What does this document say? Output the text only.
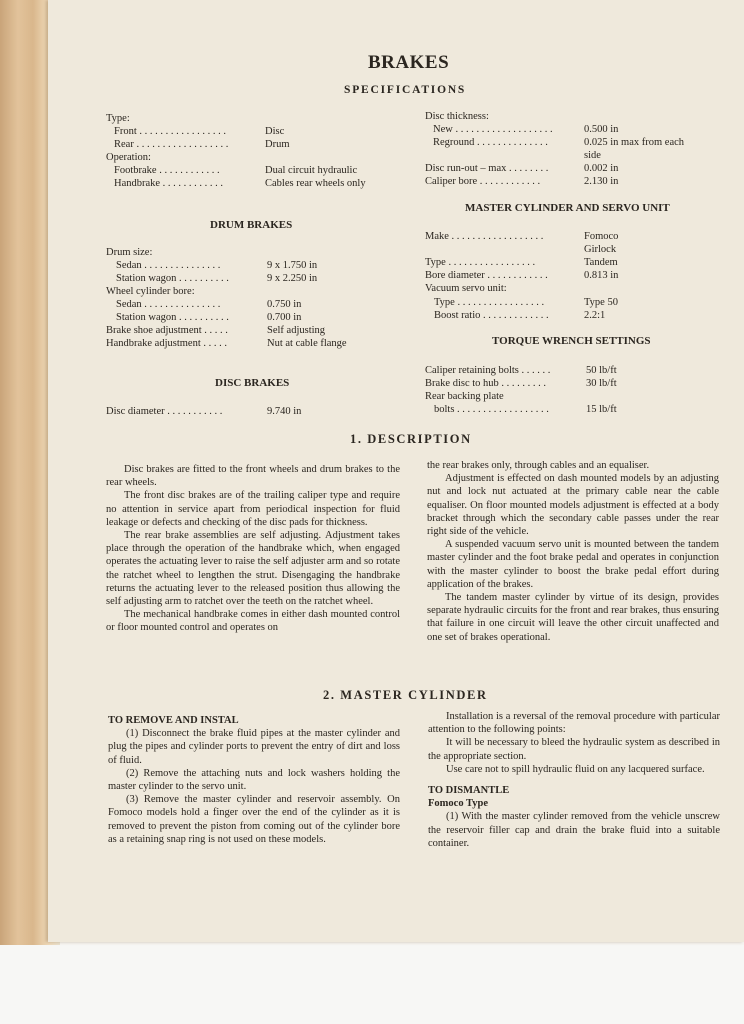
BRAKES
SPECIFICATIONS
Type:
Front . . . . . . . . . . . . . . . . .	Disc
Rear . . . . . . . . . . . . . . . . . .	Drum
Operation:
Footbrake . . . . . . . . . . . .	Dual circuit hydraulic
Handbrake . . . . . . . . . . . .	Cables rear wheels only
DRUM BRAKES
Drum size:
Sedan . . . . . . . . . . . . . . .	9 x 1.750 in
Station wagon . . . . . . . . . .	9 x 2.250 in
Wheel cylinder bore:
Sedan . . . . . . . . . . . . . . .	0.750 in
Station wagon . . . . . . . . . .	0.700 in
Brake shoe adjustment . . . . .	Self adjusting
Handbrake adjustment . . . . .	Nut at cable flange
DISC BRAKES
Disc diameter . . . . . . . . . . .	9.740 in
Disc thickness:
New . . . . . . . . . . . . . . . . . . .	0.500 in
Reground . . . . . . . . . . . . . .	0.025 in max from each
side
Disc run-out – max . . . . . . . .	0.002 in
Caliper bore . . . . . . . . . . . .	2.130 in
MASTER CYLINDER AND SERVO UNIT
Make . . . . . . . . . . . . . . . . . .	Fomoco
Girlock
Type . . . . . . . . . . . . . . . . .	Tandem
Bore diameter . . . . . . . . . . . .	0.813 in
Vacuum servo unit:
Type . . . . . . . . . . . . . . . . .	Type 50
Boost ratio . . . . . . . . . . . . .	2.2:1
TORQUE WRENCH SETTINGS
Caliper retaining bolts . . . . . .	50 lb/ft
Brake disc to hub . . . . . . . . .	30 lb/ft
Rear backing plate
bolts . . . . . . . . . . . . . . . . . .	15 lb/ft
1. DESCRIPTION

Disc brakes are fitted to the front wheels and drum brakes to the rear wheels.

The front disc brakes are of the trailing caliper type and require no attention in service apart from periodical inspection for fluid leakage or defects and checking of the disc pads for thickness.

The rear brake assemblies are self adjusting. Adjustment takes place through the operation of the handbrake which, when engaged operates the actuating lever to raise the self adjuster arm and so rotate the ratchet wheel to lengthen the strut. Disengaging the handbrake returns the actuating lever to the released position thus allowing the self adjusting arm to ratchet over the teeth on the ratchet wheel.

The mechanical handbrake comes in either dash mounted control or floor mounted control and operates on

the rear brakes only, through cables and an equaliser.

Adjustment is effected on dash mounted models by an adjusting nut and lock nut actuated at the primary cable near the cable equaliser. On floor mounted models adjustment is effected at a body bracket through which the secondary cable passes under the rear right side of the vehicle.

A suspended vacuum servo unit is mounted between the tandem master cylinder and the foot brake pedal and operates in conjunction with the master cylinder to boost the brake pedal effort during application of the brakes.

The tandem master cylinder by virtue of its design, provides separate hydraulic circuits for the front and rear brakes, thus ensuring that failure in one circuit will leave the other circuit unaffected and one set of brakes operational.

2. MASTER CYLINDER
TO REMOVE AND INSTAL

(1) Disconnect the brake fluid pipes at the master cylinder and plug the pipes and cylinder ports to prevent the entry of dirt and loss of fluid.

(2) Remove the attaching nuts and lock washers holding the master cylinder to the servo unit.

(3) Remove the master cylinder and reservoir assembly. On Fomoco models hold a finger over the end of the cylinder as it is removed to prevent the piston from coming out of the cylinder bore as a retaining snap ring is not used on these models.

Installation is a reversal of the removal procedure with particular attention to the following points:

It will be necessary to bleed the hydraulic system as described in the appropriate section.

Use care not to spill hydraulic fluid on any lacquered surface.

TO DISMANTLE
Fomoco Type

(1) With the master cylinder removed from the vehicle unscrew the reservoir filler cap and drain the brake fluid into a suitable container.
